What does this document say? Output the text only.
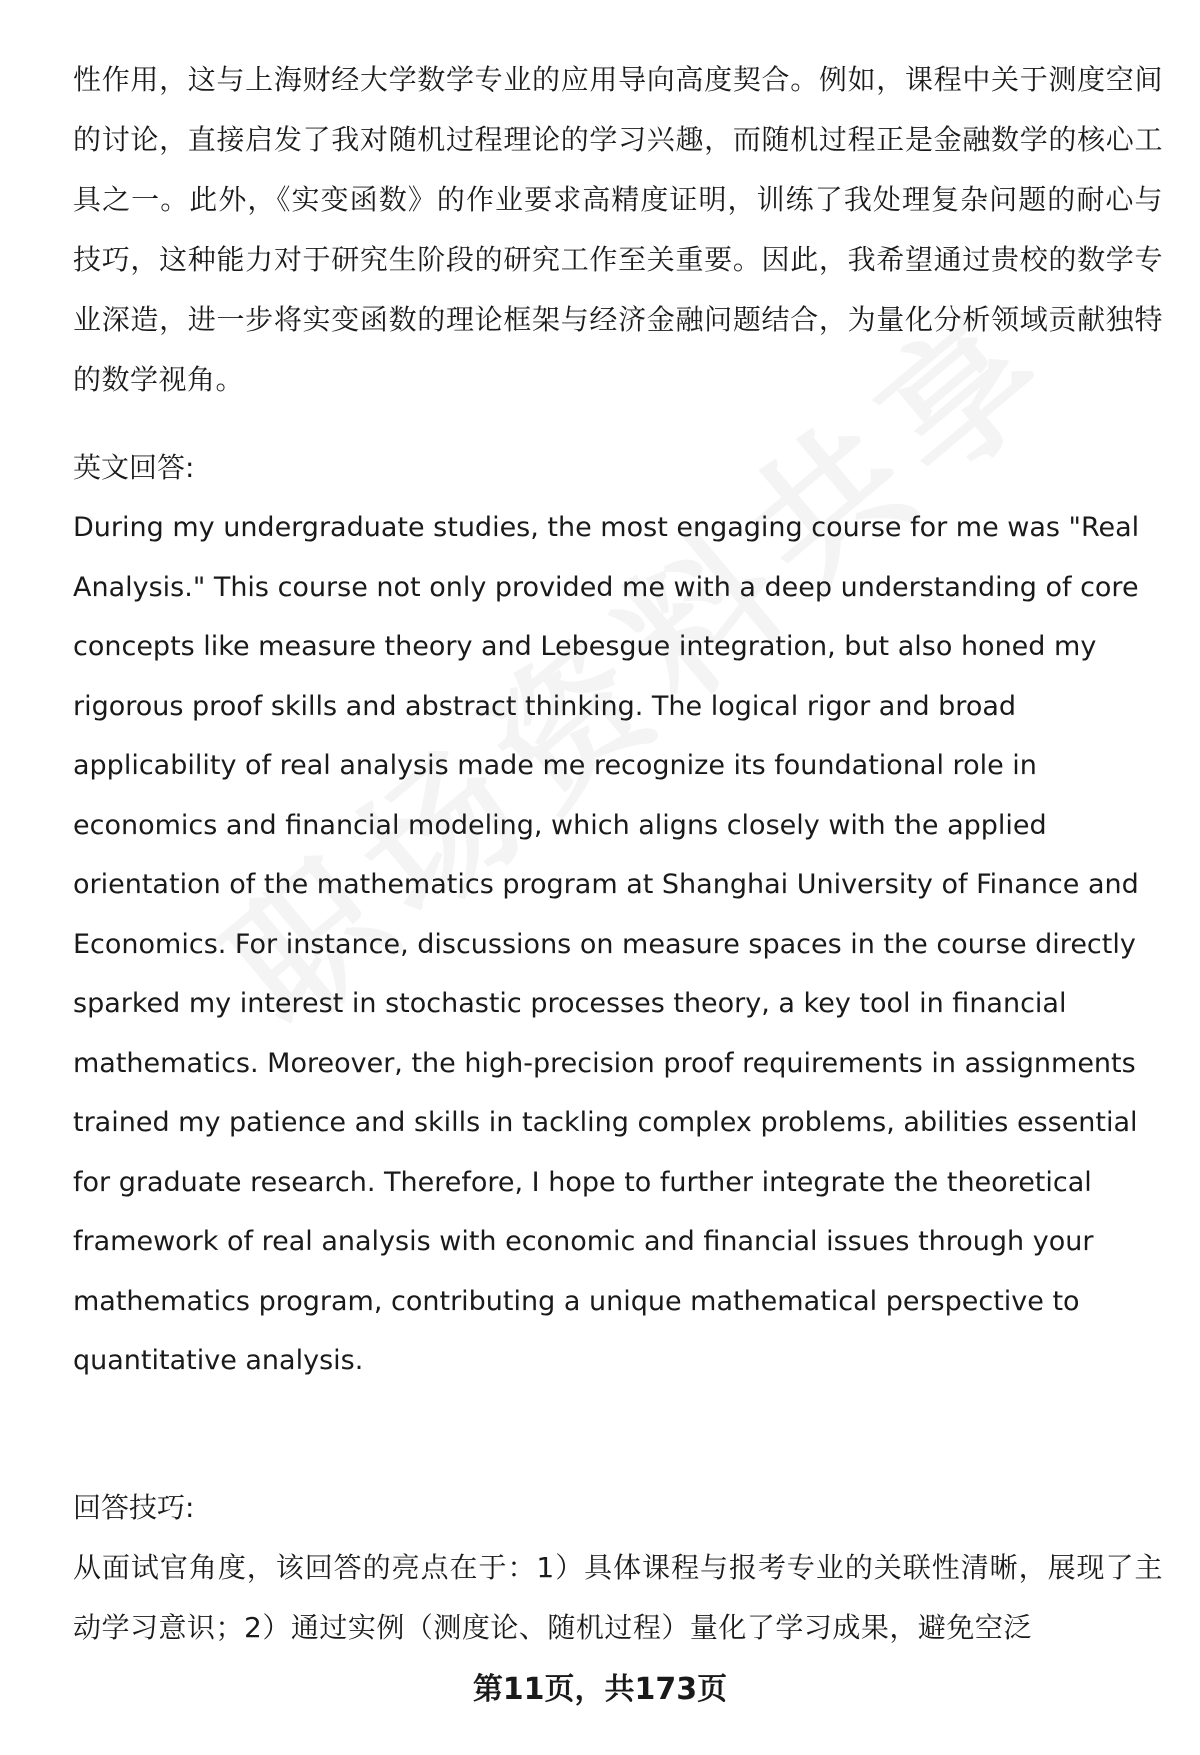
性作用，这与上海财经大学数学专业的应用导向高度契合。例如，课程中关于测度空间的讨论，直接启发了我对随机过程理论的学习兴趣，而随机过程正是金融数学的核心工具之一。此外，《实变函数》的作业要求高精度证明，训练了我处理复杂问题的耐心与技巧，这种能力对于研究生阶段的研究工作至关重要。因此，我希望通过贵校的数学专业深造，进一步将实变函数的理论框架与经济金融问题结合，为量化分析领域贡献独特的数学视角。

英文回答:

During my undergraduate studies, the most engaging course for me was "Real Analysis." This course not only provided me with a deep understanding of core concepts like measure theory and Lebesgue integration, but also honed my rigorous proof skills and abstract thinking. The logical rigor and broad applicability of real analysis made me recognize its foundational role in economics and financial modeling, which aligns closely with the applied orientation of the mathematics program at Shanghai University of Finance and Economics. For instance, discussions on measure spaces in the course directly sparked my interest in stochastic processes theory, a key tool in financial mathematics. Moreover, the high-precision proof requirements in assignments trained my patience and skills in tackling complex problems, abilities essential for graduate research. Therefore, I hope to further integrate the theoretical framework of real analysis with economic and financial issues through your mathematics program, contributing a unique mathematical perspective to quantitative analysis.

回答技巧:

从面试官角度，该回答的亮点在于：1）具体课程与报考专业的关联性清晰，展现了主动学习意识；2）通过实例（测度论、随机过程）量化了学习成果，避免空泛

第11页，共173页
